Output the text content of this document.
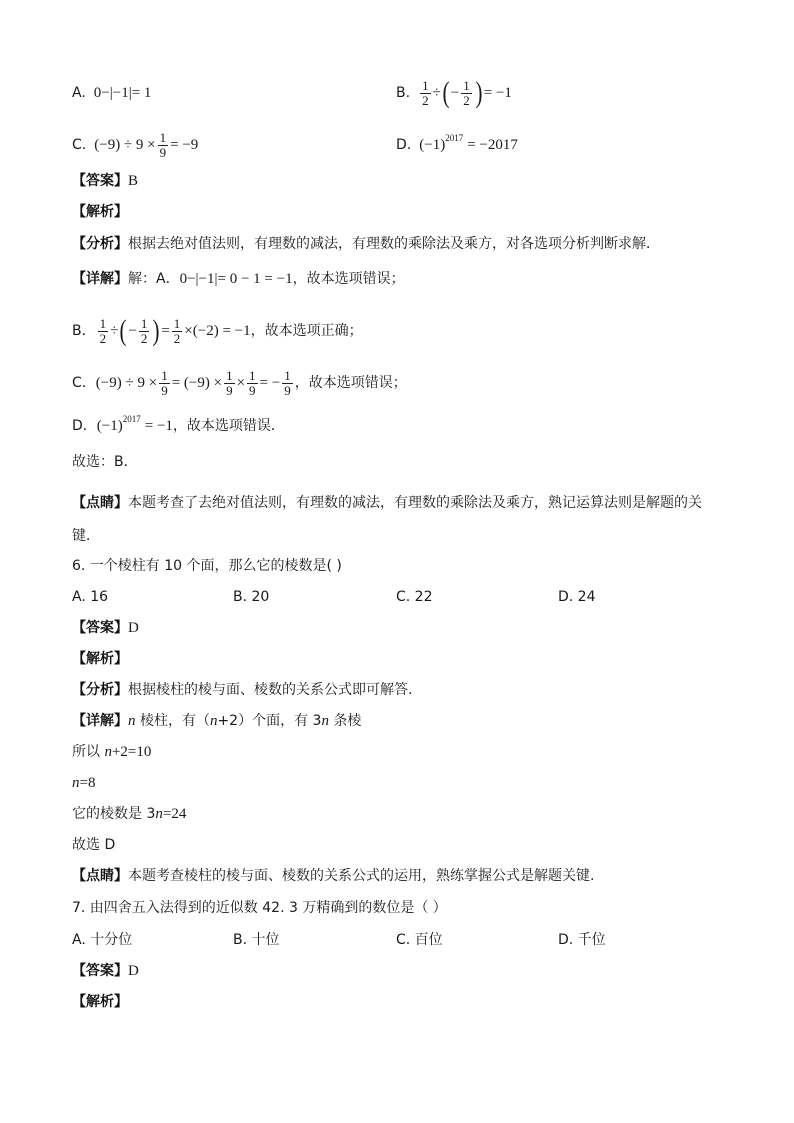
A. 0−|−1|= 1	B. $\frac{1}{2}$ ÷ ( − $\frac{1}{2}$ ) = −1
C. $(-9) \div 9 \times \frac{1}{9} = -9$	D. (−1) 2017 = −2017
【答案】B
【解析】
【分析】根据去绝对值法则，有理数的减法，有理数的乘除法及乘方，对各选项分析判断求解．
【详解】解：A．0−|−1|= 0 − 1 = −1，故本选项错误；
B． $\frac{1}{2}$ ÷ ( − $\frac{1}{2}$ ) = $\frac{1}{2} \times(-2) = -1$ ，故本选项正确；
C． $(-9) \div 9 \times \frac{1}{9} = (-9) \times \frac{1}{9} \times \frac{1}{9}$ = − $\frac{1}{9}$ ，故本选项错误；
D． (−1) 2017 = −1 ，故本选项错误．
故选：B．
【点睛】本题考查了去绝对值法则，有理数的减法，有理数的乘除法及乘方，熟记运算法则是解题的关
键．
6. 一个棱柱有 10 个面，那么它的棱数是( )
A. 16	B. 20	C. 22	D. 24
【答案】D
【解析】
【分析】根据棱柱的棱与面、棱数的关系公式即可解答.
【详解】n 棱柱，有（n+2）个面，有 3n 条棱
所以 n+2=10
n=8
它的棱数是 3n=24
故选 D
【点睛】本题考查棱柱的棱与面、棱数的关系公式的运用，熟练掌握公式是解题关键.
7. 由四舍五入法得到的近似数 42. 3 万精确到的数位是（ ）
A. 十分位	B. 十位	C. 百位	D. 千位
【答案】D
【解析】
